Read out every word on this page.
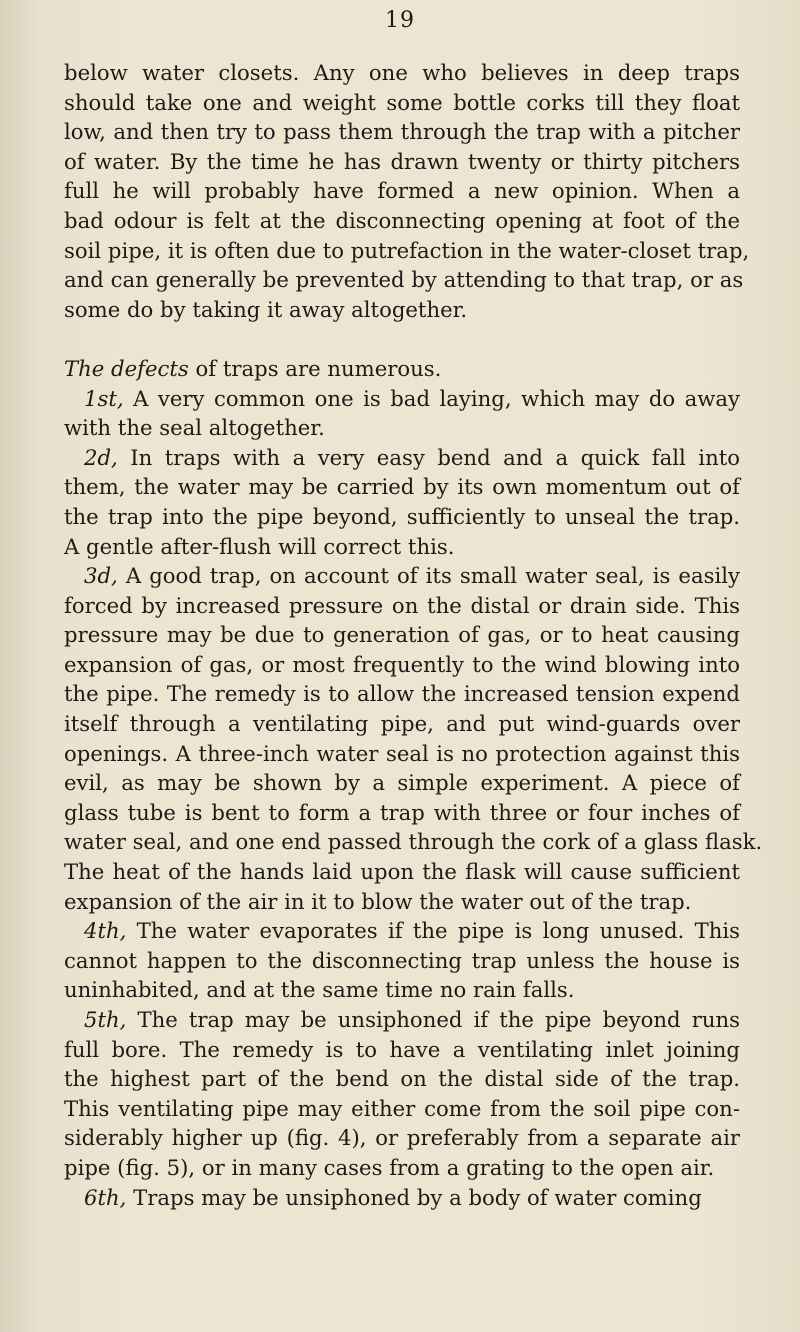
19
below water closets. Any one who believes in deep traps
should take one and weight some bottle corks till they float
low, and then try to pass them through the trap with a pitcher
of water. By the time he has drawn twenty or thirty pitchers
full he will probably have formed a new opinion. When a
bad odour is felt at the disconnecting opening at foot of the
soil pipe, it is often due to putrefaction in the water-closet trap,
and can generally be prevented by attending to that trap, or as
some do by taking it away altogether.
The defects of traps are numerous.
1st, A very common one is bad laying, which may do away
with the seal altogether.
2d, In traps with a very easy bend and a quick fall into
them, the water may be carried by its own momentum out of
the trap into the pipe beyond, sufficiently to unseal the trap.
A gentle after-flush will correct this.
3d, A good trap, on account of its small water seal, is easily
forced by increased pressure on the distal or drain side. This
pressure may be due to generation of gas, or to heat causing
expansion of gas, or most frequently to the wind blowing into
the pipe. The remedy is to allow the increased tension expend
itself through a ventilating pipe, and put wind-guards over
openings. A three-inch water seal is no protection against this
evil, as may be shown by a simple experiment. A piece of
glass tube is bent to form a trap with three or four inches of
water seal, and one end passed through the cork of a glass flask.
The heat of the hands laid upon the flask will cause sufficient
expansion of the air in it to blow the water out of the trap.
4th, The water evaporates if the pipe is long unused. This
cannot happen to the disconnecting trap unless the house is
uninhabited, and at the same time no rain falls.
5th, The trap may be unsiphoned if the pipe beyond runs
full bore. The remedy is to have a ventilating inlet joining
the highest part of the bend on the distal side of the trap.
This ventilating pipe may either come from the soil pipe con-
siderably higher up (fig. 4), or preferably from a separate air
pipe (fig. 5), or in many cases from a grating to the open air.
6th, Traps may be unsiphoned by a body of water coming
